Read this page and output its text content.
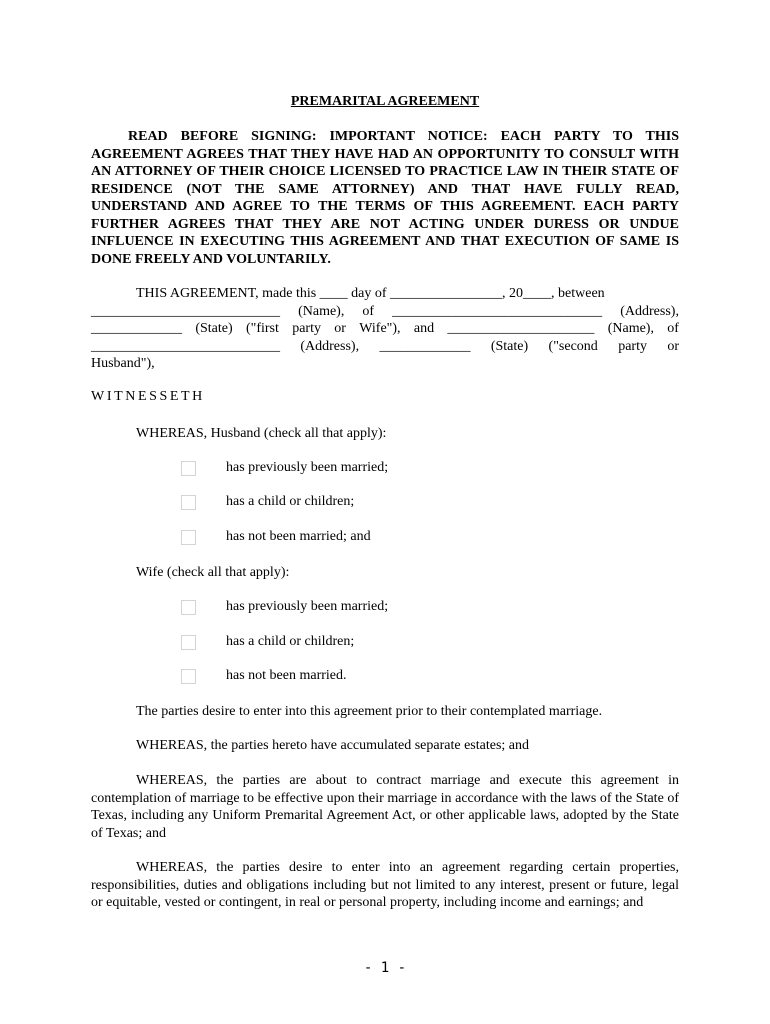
PREMARITAL AGREEMENT
READ BEFORE SIGNING: IMPORTANT NOTICE: EACH PARTY TO THIS AGREEMENT AGREES THAT THEY HAVE HAD AN OPPORTUNITY TO CONSULT WITH AN ATTORNEY OF THEIR CHOICE LICENSED TO PRACTICE LAW IN THEIR STATE OF RESIDENCE (NOT THE SAME ATTORNEY) AND THAT HAVE FULLY READ, UNDERSTAND AND AGREE TO THE TERMS OF THIS AGREEMENT. EACH PARTY FURTHER AGREES THAT THEY ARE NOT ACTING UNDER DURESS OR UNDUE INFLUENCE IN EXECUTING THIS AGREEMENT AND THAT EXECUTION OF SAME IS DONE FREELY AND VOLUNTARILY.
THIS AGREEMENT, made this ____ day of ________________, 20____, between
___________________________ (Name), of ______________________________ (Address),
_____________ (State) ("first party or Wife"), and _____________________ (Name), of
___________________________ (Address), _____________ (State) ("second party or
Husband"),
WITNESSETH
WHEREAS, Husband (check all that apply):
has previously been married;
has a child or children;
has not been married; and
Wife (check all that apply):
has previously been married;
has a child or children;
has not been married.
The parties desire to enter into this agreement prior to their contemplated marriage.
WHEREAS, the parties hereto have accumulated separate estates; and
WHEREAS, the parties are about to contract marriage and execute this agreement in contemplation of marriage to be effective upon their marriage in accordance with the laws of the State of Texas, including any Uniform Premarital Agreement Act, or other applicable laws, adopted by the State of Texas; and
WHEREAS, the parties desire to enter into an agreement regarding certain properties, responsibilities, duties and obligations including but not limited to any interest, present or future, legal or equitable, vested or contingent, in real or personal property, including income and earnings; and
- 1 -
